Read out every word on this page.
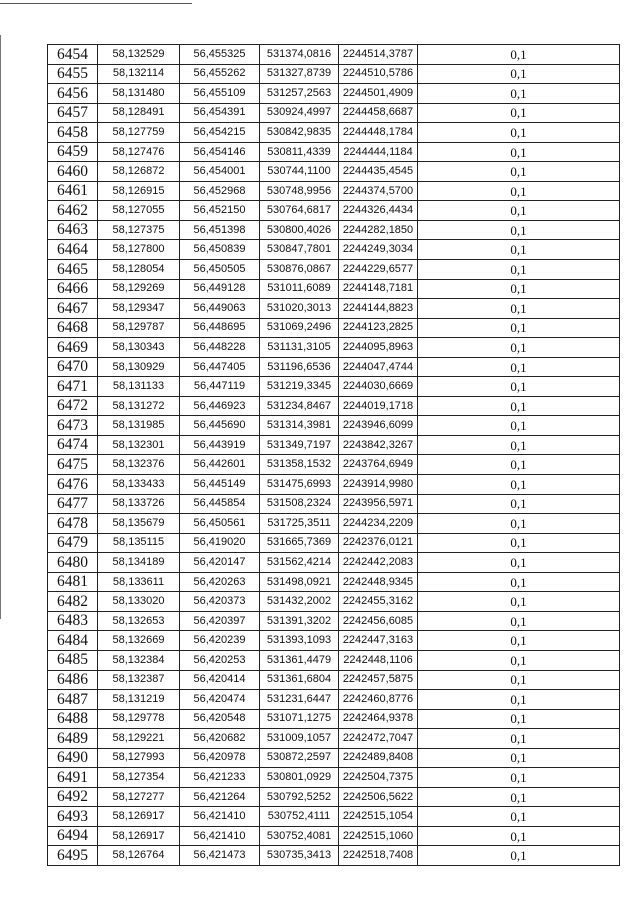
6454	58,132529	56,455325	531374,0816	2244514,3787	0,1
6455	58,132114	56,455262	531327,8739	2244510,5786	0,1
6456	58,131480	56,455109	531257,2563	2244501,4909	0,1
6457	58,128491	56,454391	530924,4997	2244458,6687	0,1
6458	58,127759	56,454215	530842,9835	2244448,1784	0,1
6459	58,127476	56,454146	530811,4339	2244444,1184	0,1
6460	58,126872	56,454001	530744,1100	2244435,4545	0,1
6461	58,126915	56,452968	530748,9956	2244374,5700	0,1
6462	58,127055	56,452150	530764,6817	2244326,4434	0,1
6463	58,127375	56,451398	530800,4026	2244282,1850	0,1
6464	58,127800	56,450839	530847,7801	2244249,3034	0,1
6465	58,128054	56,450505	530876,0867	2244229,6577	0,1
6466	58,129269	56,449128	531011,6089	2244148,7181	0,1
6467	58,129347	56,449063	531020,3013	2244144,8823	0,1
6468	58,129787	56,448695	531069,2496	2244123,2825	0,1
6469	58,130343	56,448228	531131,3105	2244095,8963	0,1
6470	58,130929	56,447405	531196,6536	2244047,4744	0,1
6471	58,131133	56,447119	531219,3345	2244030,6669	0,1
6472	58,131272	56,446923	531234,8467	2244019,1718	0,1
6473	58,131985	56,445690	531314,3981	2243946,6099	0,1
6474	58,132301	56,443919	531349,7197	2243842,3267	0,1
6475	58,132376	56,442601	531358,1532	2243764,6949	0,1
6476	58,133433	56,445149	531475,6993	2243914,9980	0,1
6477	58,133726	56,445854	531508,2324	2243956,5971	0,1
6478	58,135679	56,450561	531725,3511	2244234,2209	0,1
6479	58,135115	56,419020	531665,7369	2242376,0121	0,1
6480	58,134189	56,420147	531562,4214	2242442,2083	0,1
6481	58,133611	56,420263	531498,0921	2242448,9345	0,1
6482	58,133020	56,420373	531432,2002	2242455,3162	0,1
6483	58,132653	56,420397	531391,3202	2242456,6085	0,1
6484	58,132669	56,420239	531393,1093	2242447,3163	0,1
6485	58,132384	56,420253	531361,4479	2242448,1106	0,1
6486	58,132387	56,420414	531361,6804	2242457,5875	0,1
6487	58,131219	56,420474	531231,6447	2242460,8776	0,1
6488	58,129778	56,420548	531071,1275	2242464,9378	0,1
6489	58,129221	56,420682	531009,1057	2242472,7047	0,1
6490	58,127993	56,420978	530872,2597	2242489,8408	0,1
6491	58,127354	56,421233	530801,0929	2242504,7375	0,1
6492	58,127277	56,421264	530792,5252	2242506,5622	0,1
6493	58,126917	56,421410	530752,4111	2242515,1054	0,1
6494	58,126917	56,421410	530752,4081	2242515,1060	0,1
6495	58,126764	56,421473	530735,3413	2242518,7408	0,1
